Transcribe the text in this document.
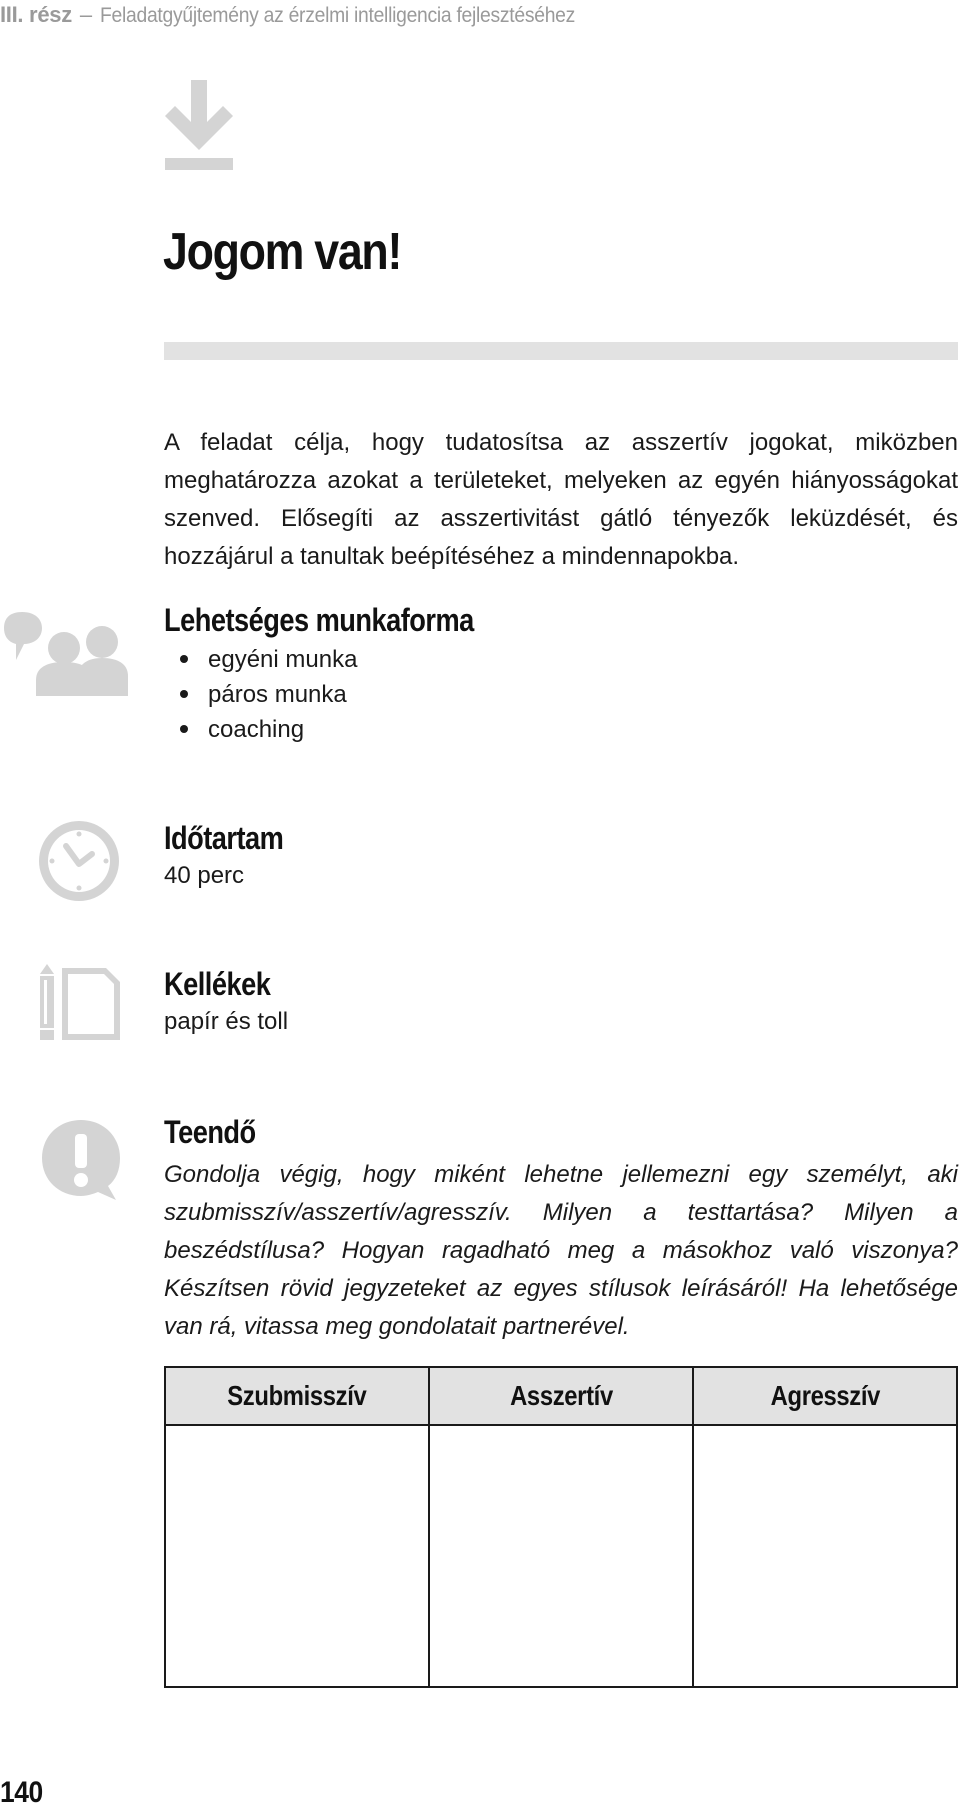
III. rész – Feladatgyűjtemény az érzelmi intelligencia fejlesztéséhez
Jogom van!

A feladat célja, hogy tudatosítsa az asszertív jogokat, miközben meghatározza azokat a területeket, melyeken az egyén hiányosságokat szenved. Elősegíti az asszertivitást gátló tényezők leküzdését, és hozzájárul a tanultak beépítéséhez a mindennapokba.

Lehetséges munkaforma
egyéni munka
páros munka
coaching
Időtartam

40 perc

Kellékek

papír és toll

Teendő

Gondolja végig, hogy miként lehetne jellemezni egy személyt, aki szubmisszív/asszertív/agresszív. Milyen a testtartása? Milyen a beszédstílusa? Hogyan ragadható meg a másokhoz való viszonya? Készítsen rövid jegyzeteket az egyes stílusok leírásáról! Ha lehetősége van rá, vitassa meg gondolatait partnerével.

Szubmisszív	Asszertív	Agresszív

140
